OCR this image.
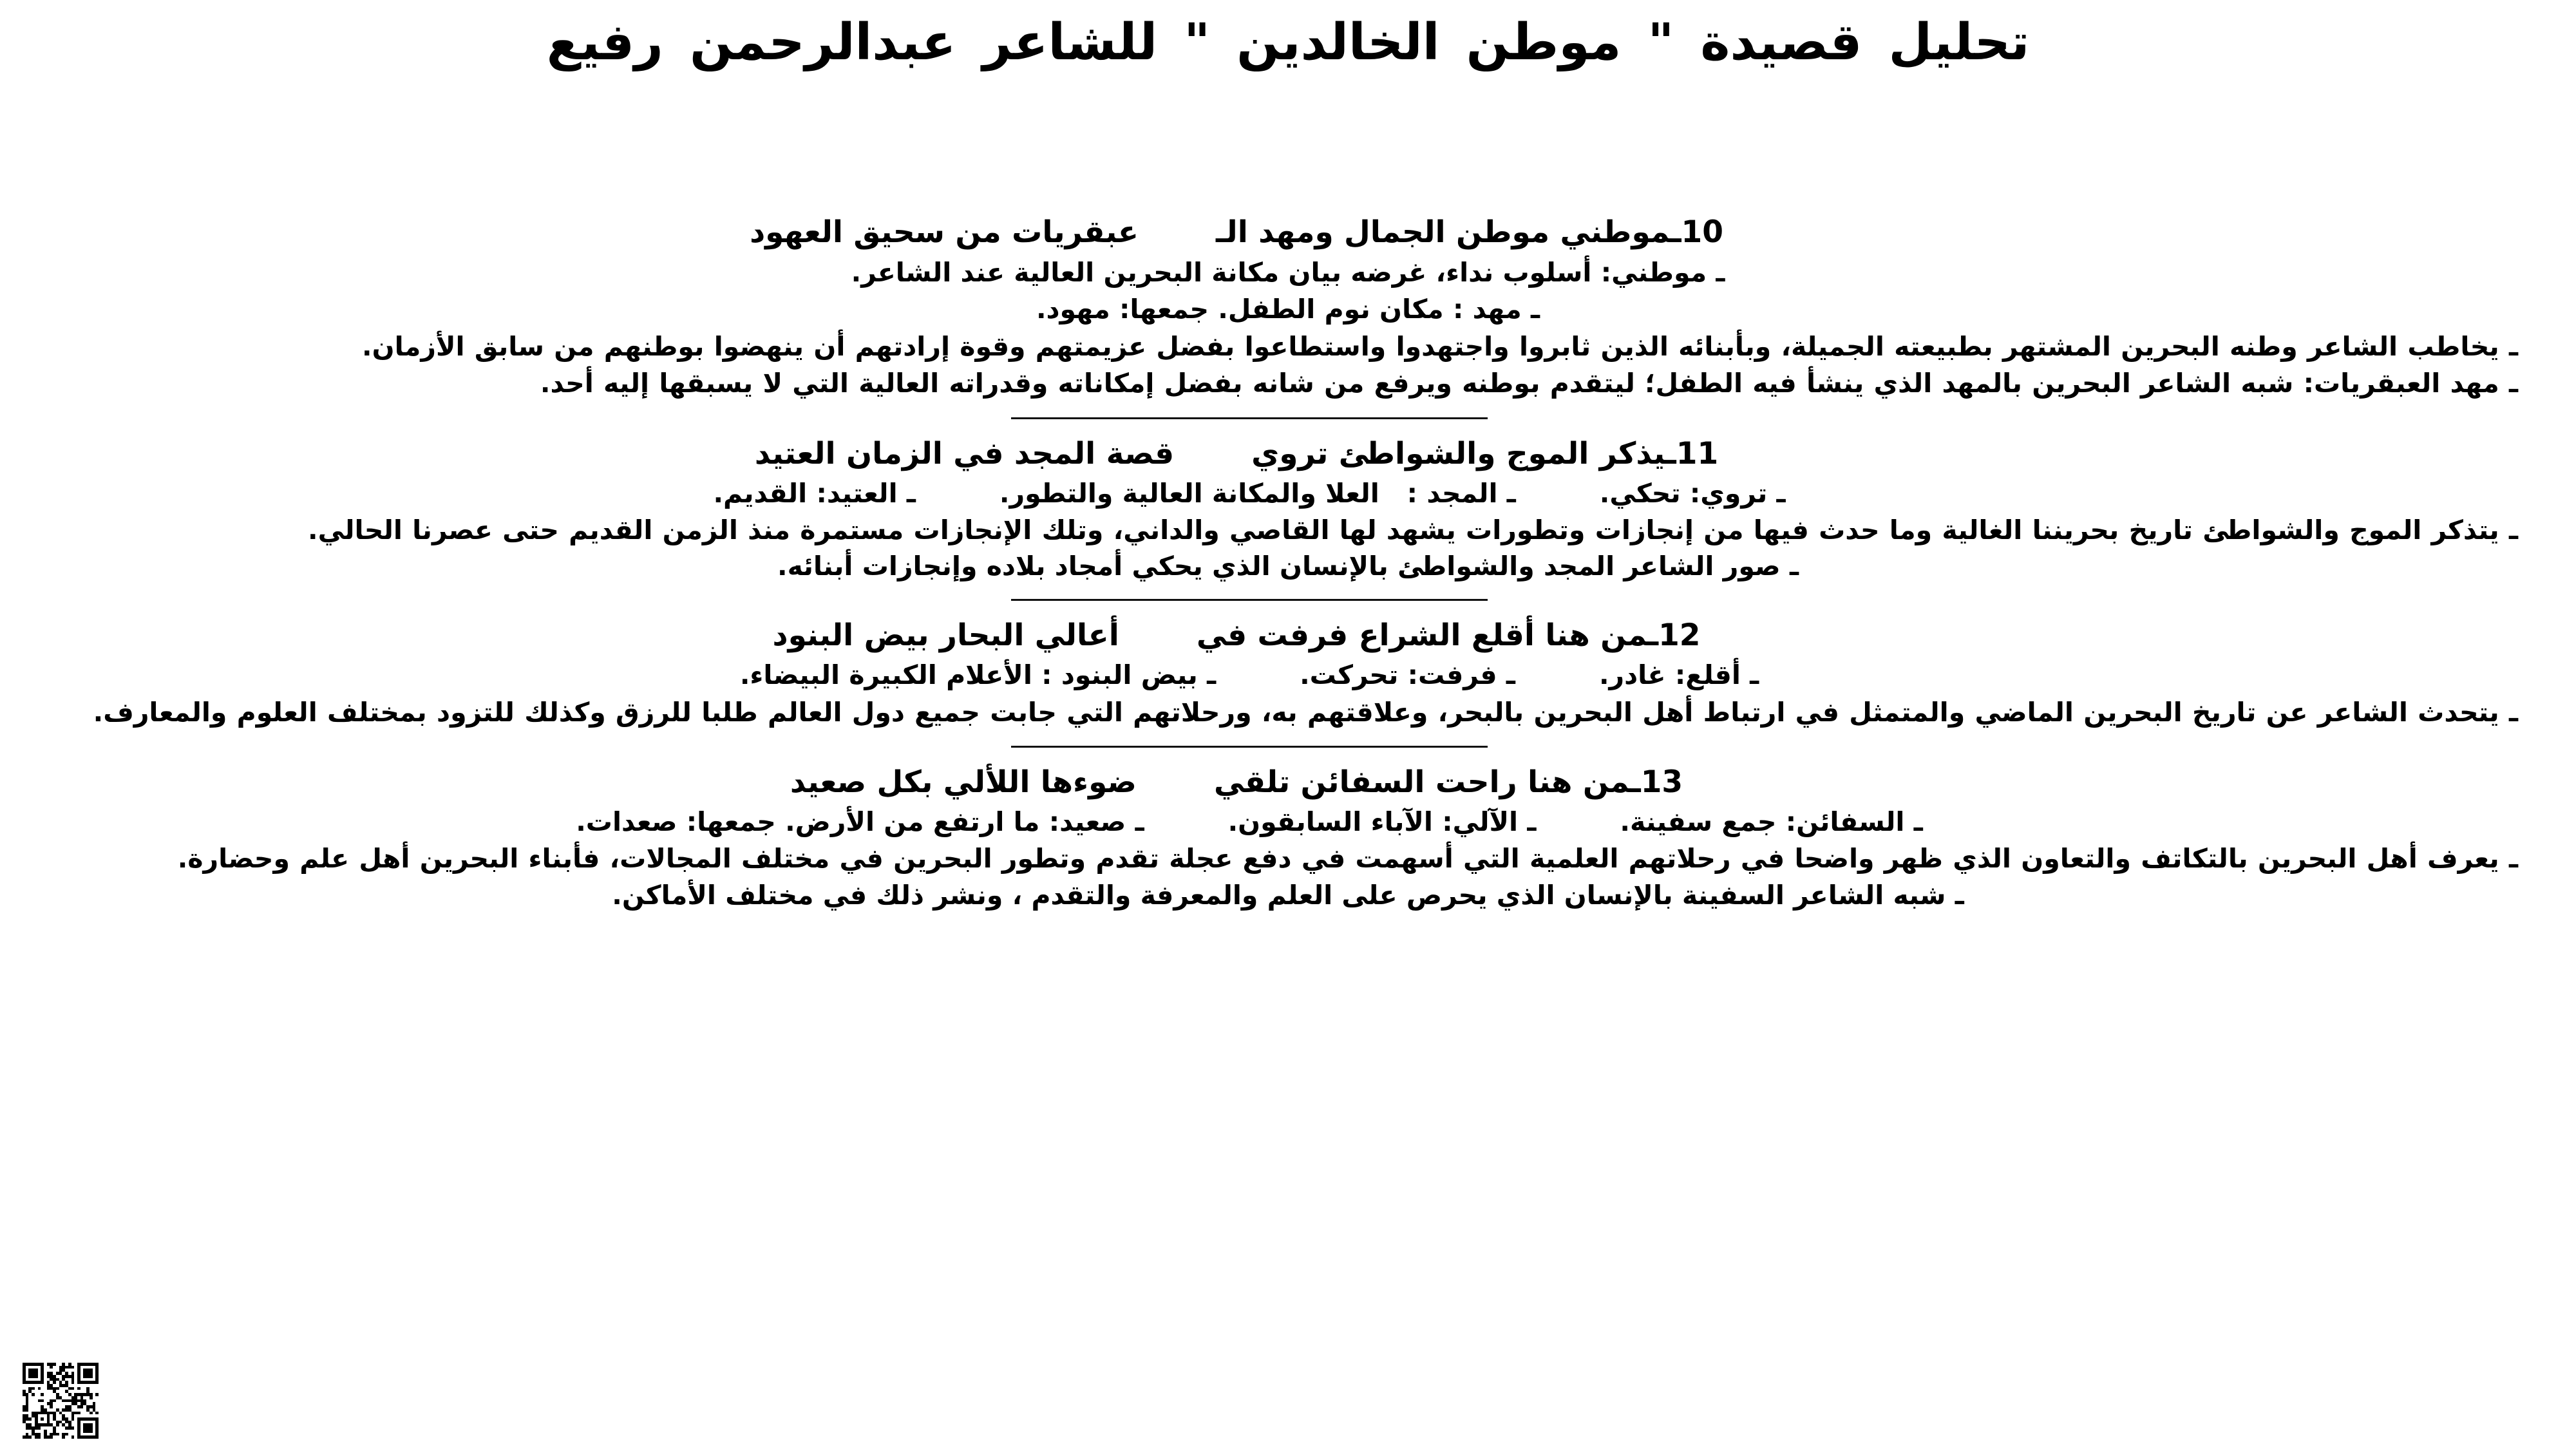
تحليل قصيدة " موطن الخالدين " للشاعر عبدالرحمن رفيع
10ـموطني موطن الجمال ومهد الـعبقريات من سحيق العهود
ـ موطني: أسلوب نداء، غرضه بيان مكانة البحرين العالية عند الشاعر.
ـ مهد : مكان نوم الطفل. جمعها: مهود.
ـ يخاطب الشاعر وطنه البحرين المشتهر بطبيعته الجميلة، وبأبنائه الذين ثابروا واجتهدوا واستطاعوا بفضل عزيمتهم وقوة إرادتهم أن ينهضوا بوطنهم من سابق الأزمان.
ـ مهد العبقريات: شبه الشاعر البحرين بالمهد الذي ينشأ فيه الطفل؛ ليتقدم بوطنه ويرفع من شانه بفضل إمكاناته وقدراته العالية التي لا يسبقها إليه أحد.
11ـيذكر الموج والشواطئ ترويقصة المجد في الزمان العتيد
ـ تروي: تحكي.ـ المجد :   العلا والمكانة العالية والتطور.ـ العتيد: القديم.
ـ يتذكر الموج والشواطئ تاريخ بحريننا الغالية وما حدث فيها من إنجازات وتطورات يشهد لها القاصي والداني، وتلك الإنجازات مستمرة منذ الزمن القديم حتى عصرنا الحالي.
ـ صور الشاعر المجد والشواطئ بالإنسان الذي يحكي أمجاد بلاده وإنجازات أبنائه.
12ـمن هنا أقلع الشراع فرفت فيأعالي البحار بيض البنود
ـ أقلع: غادر.ـ فرفت: تحركت.ـ بيض البنود : الأعلام الكبيرة البيضاء.
ـ يتحدث الشاعر عن تاريخ البحرين الماضي والمتمثل في ارتباط أهل البحرين بالبحر، وعلاقتهم به، ورحلاتهم التي جابت جميع دول العالم طلبا للرزق وكذلك للتزود بمختلف العلوم والمعارف.
13ـمن هنا راحت السفائن تلقيضوءها اللألي بكل صعيد
ـ السفائن: جمع سفينة.ـ الآلي: الآباء السابقون.ـ صعيد: ما ارتفع من الأرض. جمعها: صعدات.
ـ يعرف أهل البحرين بالتكاتف والتعاون الذي ظهر واضحا في رحلاتهم العلمية التي أسهمت في دفع عجلة تقدم وتطور البحرين في مختلف المجالات، فأبناء البحرين أهل علم وحضارة.
ـ شبه الشاعر السفينة بالإنسان الذي يحرص على العلم والمعرفة والتقدم ، ونشر ذلك في مختلف الأماكن.
